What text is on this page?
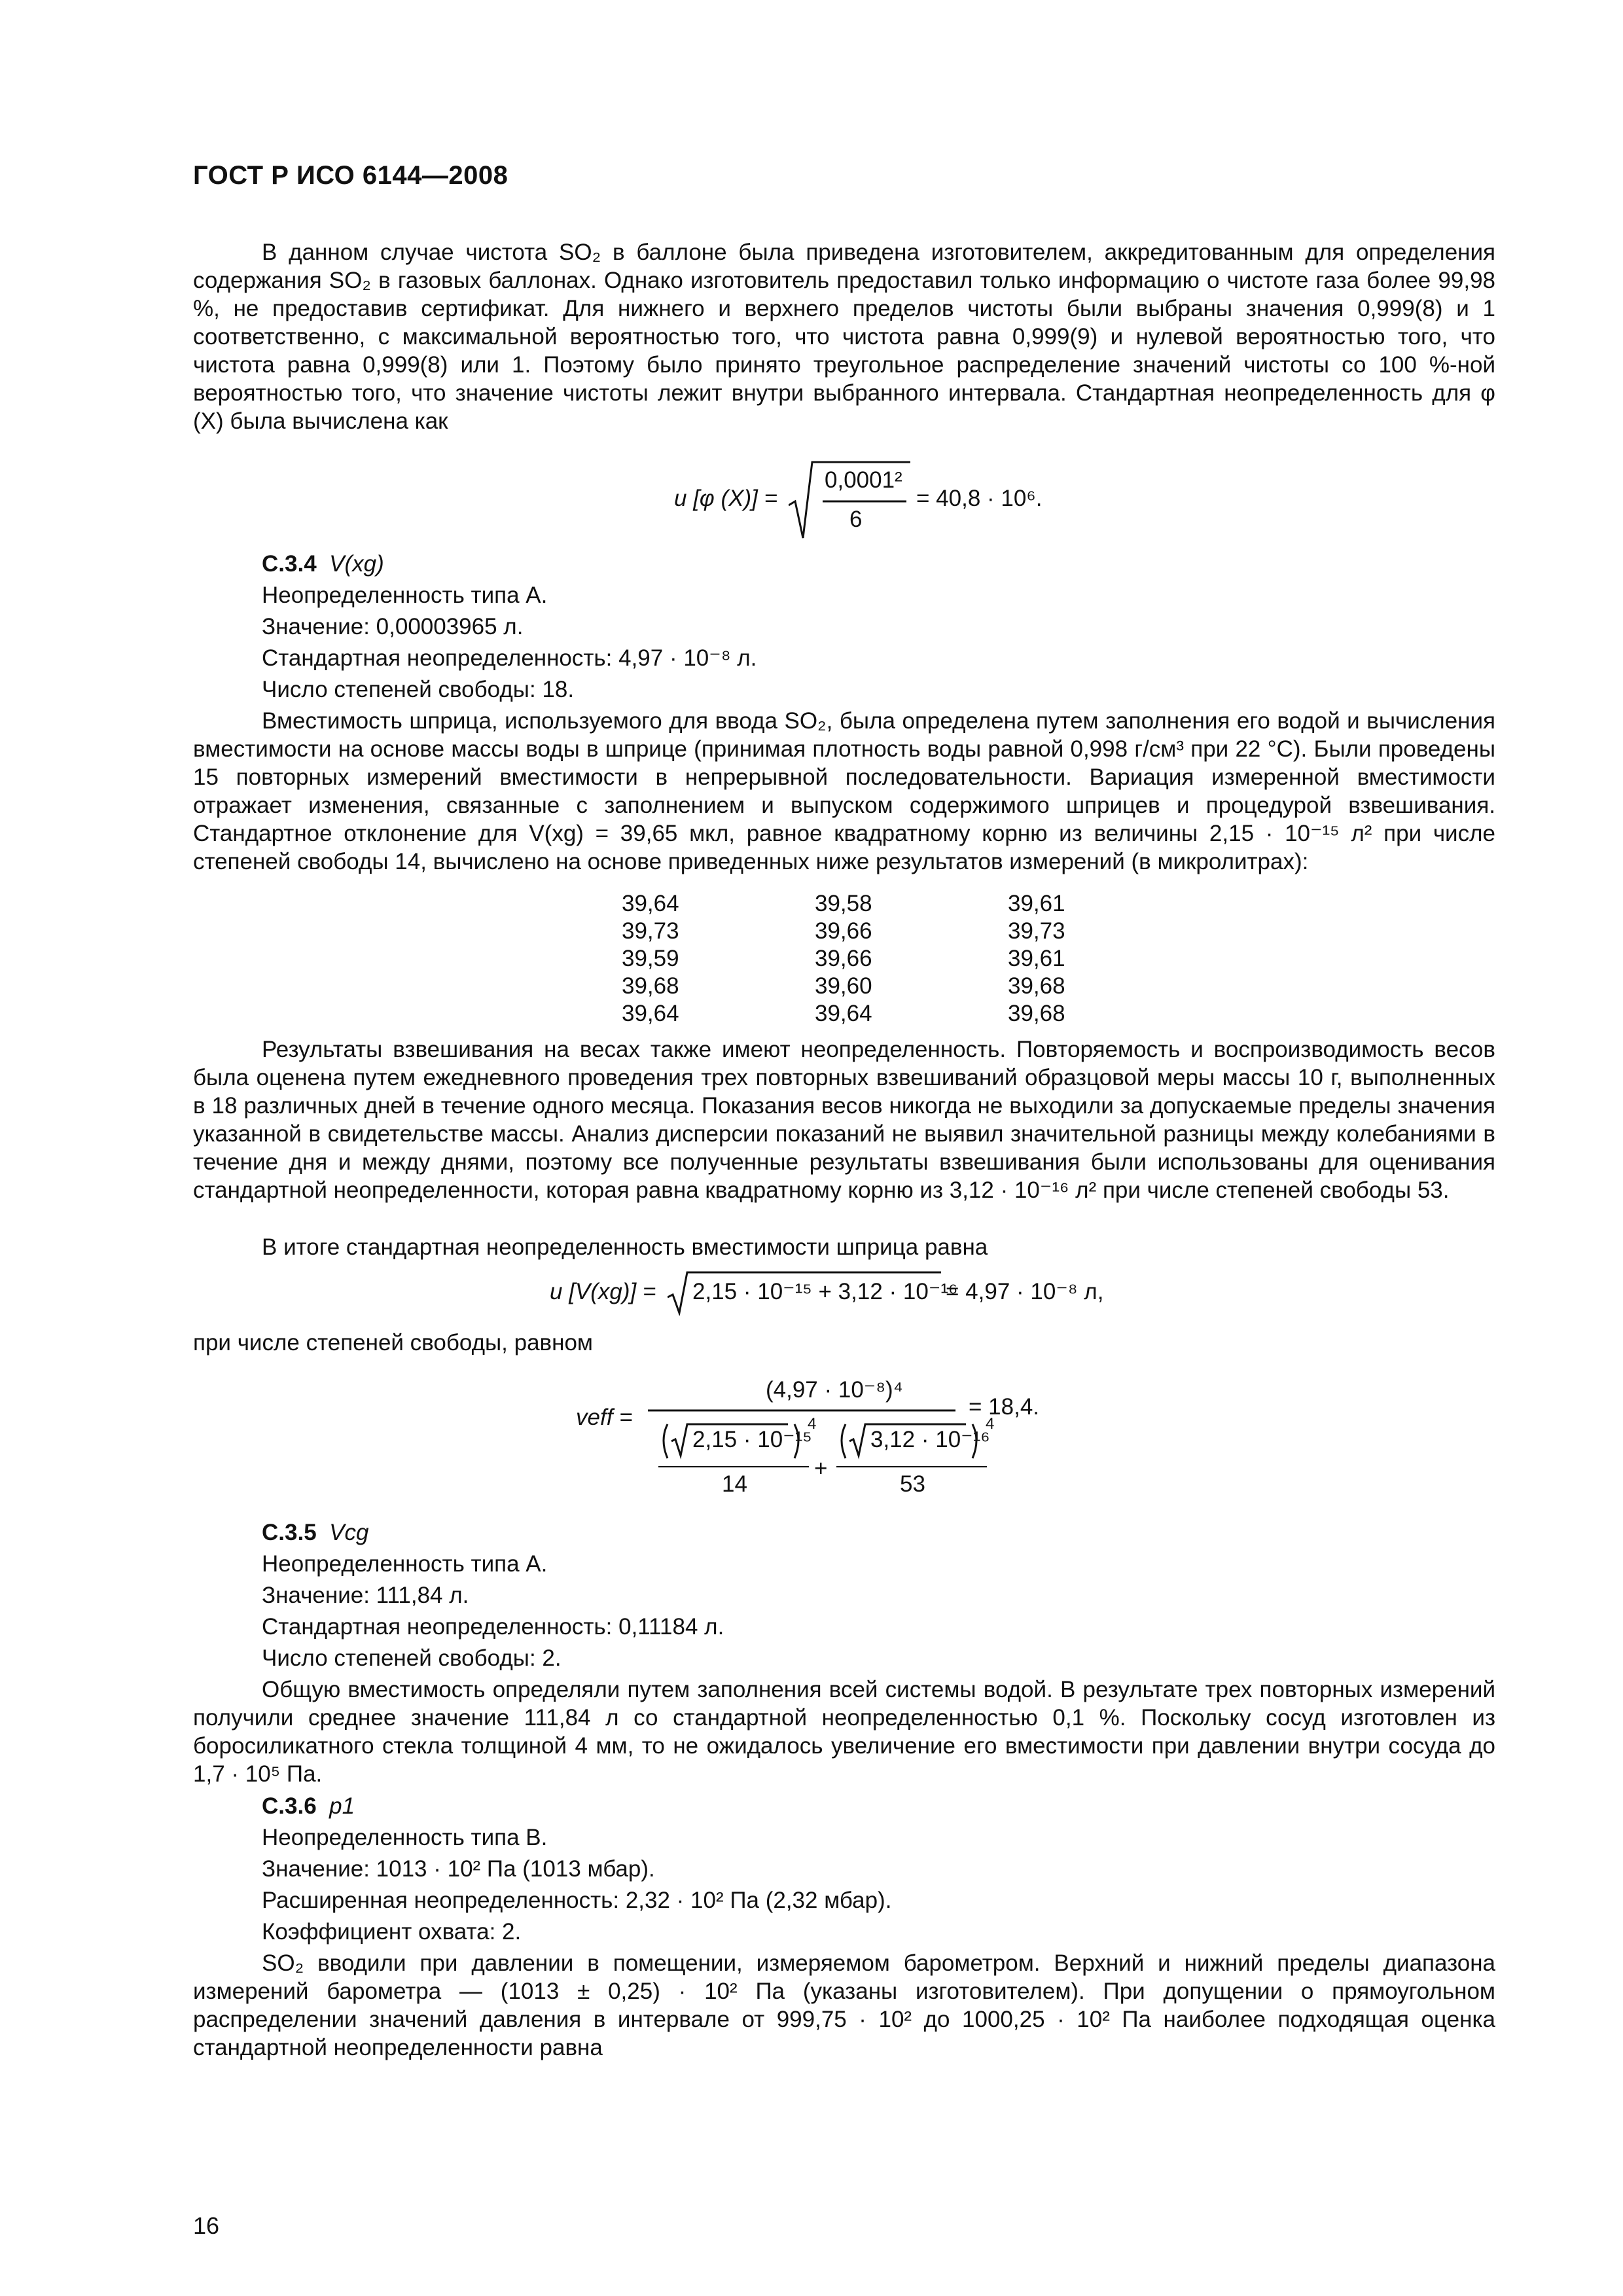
ГОСТ Р ИСО 6144—2008
В данном случае чистота SO₂ в баллоне была приведена изготовителем, аккредитованным для определения содержания SO₂ в газовых баллонах. Однако изготовитель предоставил только информацию о чистоте газа более 99,98 %, не предоставив сертификат. Для нижнего и верхнего пределов чистоты были выбраны значения 0,999(8) и 1 соответственно, с максимальной вероятностью того, что чистота равна 0,999(9) и нулевой вероятностью того, что чистота равна 0,999(8) или 1. Поэтому было принято треугольное распределение значений чистоты со 100 %-ной вероятностью того, что значение чистоты лежит внутри выбранного интервала. Стандартная неопределенность для φ (X) была вычислена как
u [φ (X)] =
0,0001²
6
= 40,8 · 10⁶.
С.3.4 V(xg)
Неопределенность типа А.
Значение: 0,00003965 л.
Стандартная неопределенность: 4,97 · 10⁻⁸ л.
Число степеней свободы: 18.
Вместимость шприца, используемого для ввода SO₂, была определена путем заполнения его водой и вычисления вместимости на основе массы воды в шприце (принимая плотность воды равной 0,998 г/см³ при 22 °С). Были проведены 15 повторных измерений вместимости в непрерывной последовательности. Вариация измеренной вместимости отражает изменения, связанные с заполнением и выпуском содержимого шприцев и процедурой взвешивания. Стандартное отклонение для V(xg) = 39,65 мкл, равное квадратному корню из величины 2,15 · 10⁻¹⁵ л² при числе степеней свободы 14, вычислено на основе приведенных ниже результатов измерений (в микролитрах):
39,64
39,73
39,59
39,68
39,64
39,58
39,66
39,66
39,60
39,64
39,61
39,73
39,61
39,68
39,68
Результаты взвешивания на весах также имеют неопределенность. Повторяемость и воспроизводимость весов была оценена путем ежедневного проведения трех повторных взвешиваний образцовой меры массы 10 г, выполненных в 18 различных дней в течение одного месяца. Показания весов никогда не выходили за допускаемые пределы значения указанной в свидетельстве массы. Анализ дисперсии показаний не выявил значительной разницы между колебаниями в течение дня и между днями, поэтому все полученные результаты взвешивания были использованы для оценивания стандартной неопределенности, которая равна квадратному корню из 3,12 · 10⁻¹⁶ л² при числе степеней свободы 53.
В итоге стандартная неопределенность вместимости шприца равна
u [V(xg)] = 2,15 · 10⁻¹⁵ + 3,12 · 10⁻¹⁶
= 4,97 · 10⁻⁸ л,
при числе степеней свободы, равном
veff =
(4,97 · 10⁻⁸)⁴
= 18,4.
2,15 · 10⁻¹⁵
4
14
+
3,12 · 10⁻¹⁶
4
53
С.3.5 Vcg
Неопределенность типа А.
Значение: 111,84 л.
Стандартная неопределенность: 0,11184 л.
Число степеней свободы: 2.
Общую вместимость определяли путем заполнения всей системы водой. В результате трех повторных измерений получили среднее значение 111,84 л со стандартной неопределенностью 0,1 %. Поскольку сосуд изготовлен из боросиликатного стекла толщиной 4 мм, то не ожидалось увеличение его вместимости при давлении внутри сосуда до 1,7 · 10⁵ Па.
С.3.6 p1
Неопределенность типа В.
Значение: 1013 · 10² Па (1013 мбар).
Расширенная неопределенность: 2,32 · 10² Па (2,32 мбар).
Коэффициент охвата: 2.
SO₂ вводили при давлении в помещении, измеряемом барометром. Верхний и нижний пределы диапазона измерений барометра — (1013 ± 0,25) · 10² Па (указаны изготовителем). При допущении о прямоугольном распределении значений давления в интервале от 999,75 · 10² до 1000,25 · 10² Па наиболее подходящая оценка стандартной неопределенности равна
16
